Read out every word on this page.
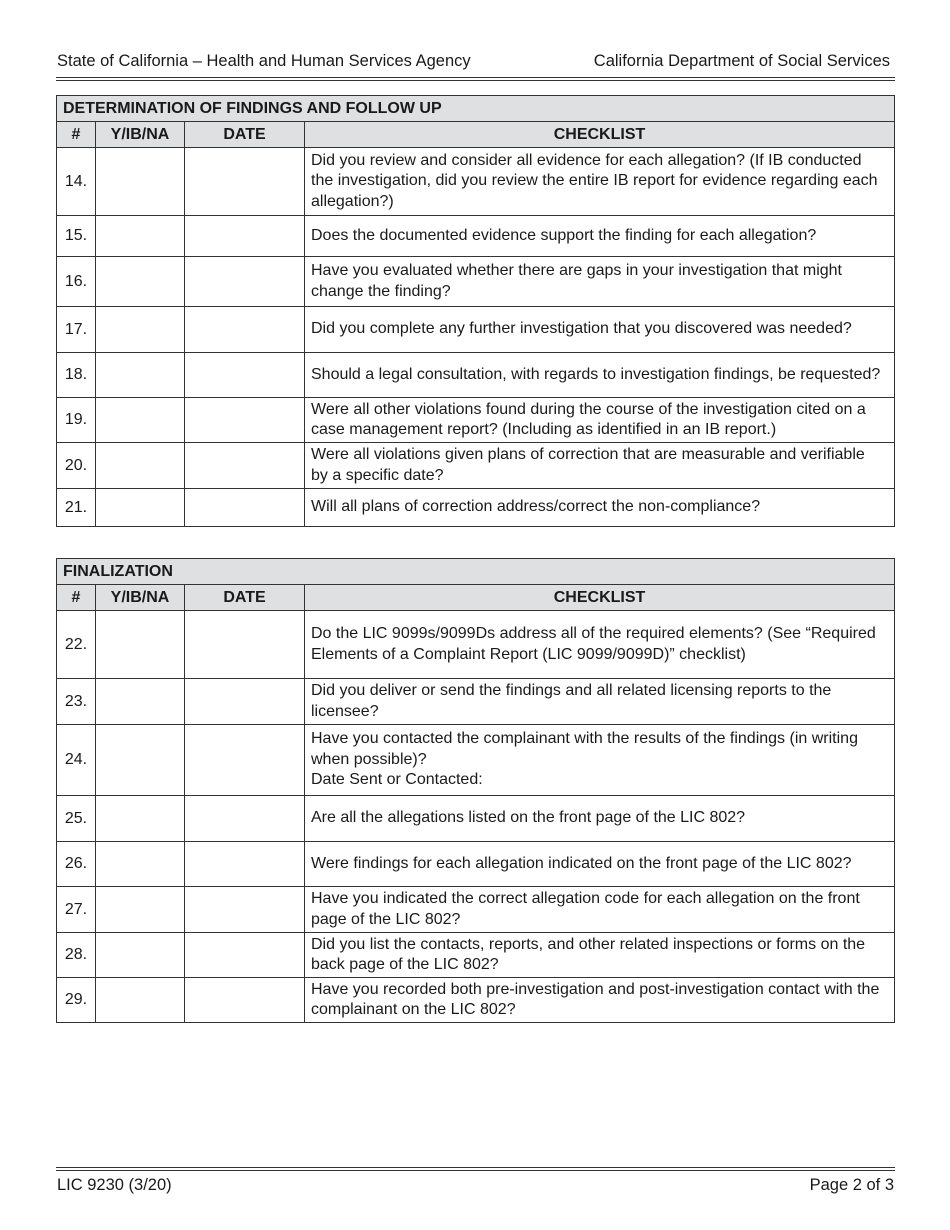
State of California – Health and Human Services Agency	California Department of Social Services
DETERMINATION OF FINDINGS AND FOLLOW UP			
#	Y/IB/NA	DATE	CHECKLIST
14.			Did you review and consider all evidence for each allegation? (If IB conducted the investigation, did you review the entire IB report for evidence regarding each allegation?)
15.			Does the documented evidence support the finding for each allegation?
16.			Have you evaluated whether there are gaps in your investigation that might change the finding?
17.			Did you complete any further investigation that you discovered was needed?
18.			Should a legal consultation, with regards to investigation findings, be requested?
19.			Were all other violations found during the course of the investigation cited on a case management report? (Including as identified in an IB report.)
20.			Were all violations given plans of correction that are measurable and verifiable by a specific date?
21.			Will all plans of correction address/correct the non-compliance?
FINALIZATION			
#	Y/IB/NA	DATE	CHECKLIST
22.			Do the LIC 9099s/9099Ds address all of the required elements? (See “Required Elements of a Complaint Report (LIC 9099/9099D)” checklist)
23.			Did you deliver or send the findings and all related licensing reports to the licensee?
24.			Have you contacted the complainant with the results of the findings (in writing when possible)?
Date Sent or Contacted:
25.			Are all the allegations listed on the front page of the LIC 802?
26.			Were findings for each allegation indicated on the front page of the LIC 802?
27.			Have you indicated the correct allegation code for each allegation on the front page of the LIC 802?
28.			Did you list the contacts, reports, and other related inspections or forms on the back page of the LIC 802?
29.			Have you recorded both pre-investigation and post-investigation contact with the complainant on the LIC 802?
LIC 9230 (3/20)	Page 2 of 3
